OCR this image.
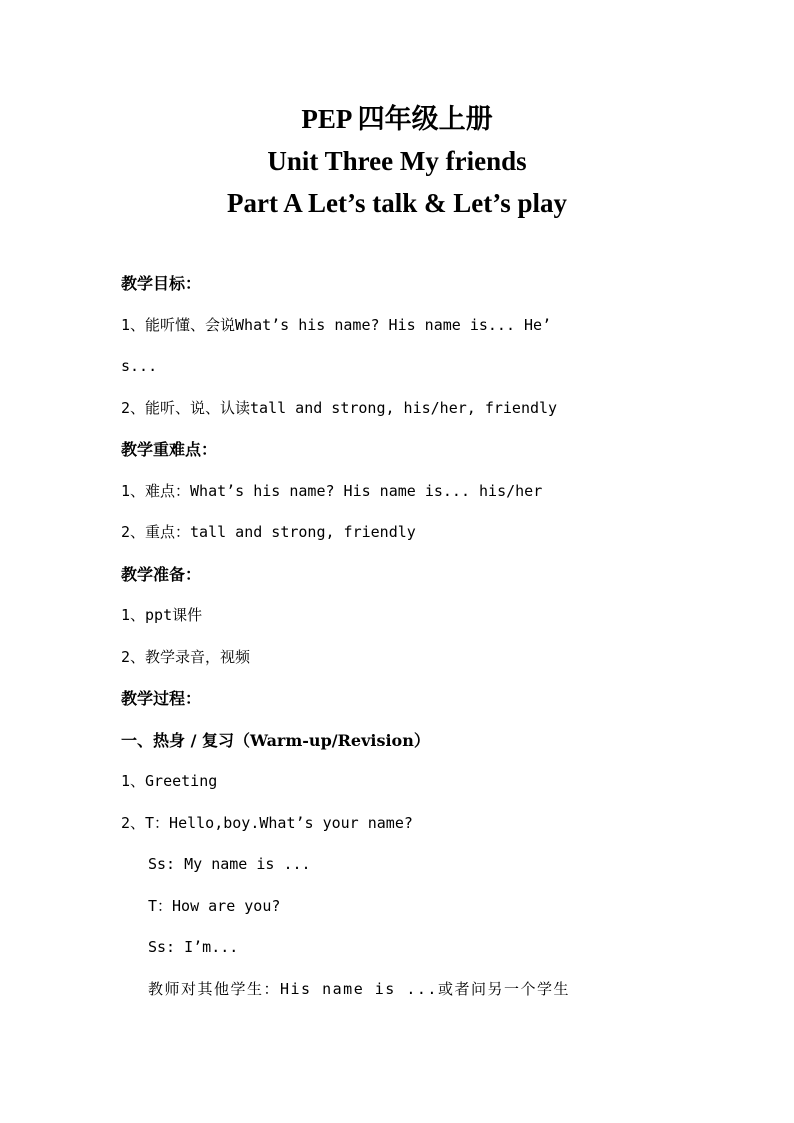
PEP 四年级上册
Unit Three My friends
Part A Let’s talk & Let’s play
教学目标：
1、能听懂、会说What’s his name? His name is... He’
s...
2、能听、说、认读tall and strong, his/her, friendly
教学重难点：
1、难点：What’s his name? His name is... his/her
2、重点：tall and strong, friendly
教学准备：
1、ppt课件
2、教学录音，视频
教学过程：
一、热身 / 复习（Warm-up/Revision）
1、Greeting
2、T：Hello,boy.What’s your name?
Ss: My name is ...
T：How are you?
Ss: I’m...
教师对其他学生：His name is ...或者问另一个学生
